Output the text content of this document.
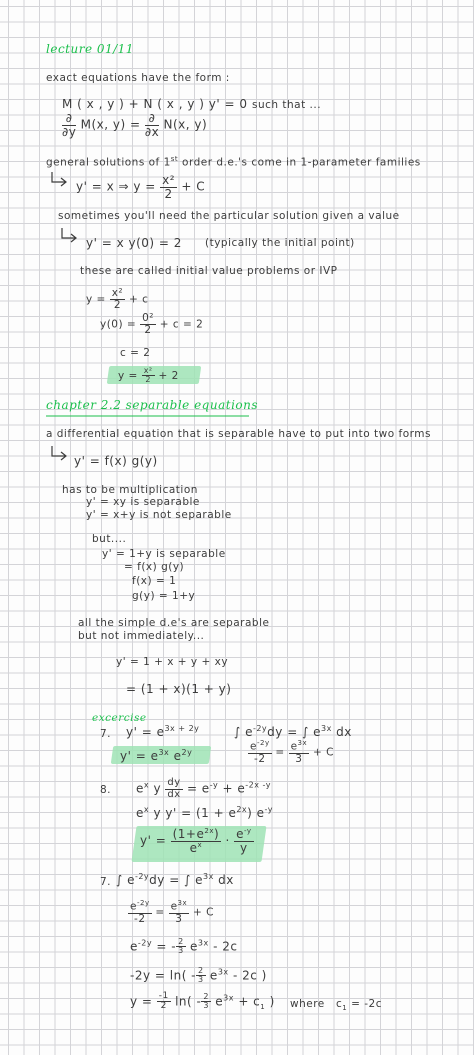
lecture 01/11
exact equations have the form :
M ( x , y ) + N ( x , y ) y' = 0 such that ...
$\frac{\partial}{\partial y} M(x$, $y) = \frac{\partial}{\partial x} N(x$, y)
general solutions of 1st order d.e.'s come in 1-parameter families
y' = x ⇒ $y = \frac{\text{x²}}{2} + C$
sometimes you'll need the particular solution given a value
y' = x y(0) = 2 (typically the initial point)
these are called initial value problems or IVP
$y = \frac{\text{x²}}{2} + c$
$y(0) = \frac{\text{0²}}{2} + c = 2$
c = 2
$y = \frac{\text{x²}}{2} + 2$
chapter 2.2 separable equations
a differential equation that is separable have to put into two forms
y' = f(x) g(y)
has to be multiplication
y' = xy is separable
y' = x+y is not separable
but....
y' = 1+y is separable
= f(x) g(y)
f(x) = 1
g(y) = 1+y
all the simple d.e's are separable
but not immediately...
y' = 1 + x + y + xy
= (1 + x)(1 + y)
excercise
7. $y' = e^{3x + 2y}$
$y' = e^{3x}$ $e^{2y}$
∫ $e^{-2y}dy$ = ∫ $e^{3x}$ dx
$\frac{e^{-2y}}{-2} = \frac{e^{3x}}{3} + C$
8. $e^x$ y $\frac{dy}{dx} = e^{-y} + e^{-2x -y}$
$e^x$ y $y' = (1 + e^{2x})$ $e^{-y}$
$y' = \frac{(1+e^{2x})}{e^x} \cdot \frac{e^{-y}}{y}$
7. ∫ $e^{-2y}dy$ = ∫ $e^{3x}$ dx
$\frac{e^{-2y}}{-2} = \frac{e^{3x}}{3} + C$
$e^{-2y}$ = - $\frac{2}{3} e^{3x} - 2c$
$-2y = \ln( - \frac{2}{3} e^{3x} - 2c$ )
$y = \frac{-1}{2} \ln( - \frac{2}{3} e^{3x} + c_1$ ) where $c_1 = -2c$
